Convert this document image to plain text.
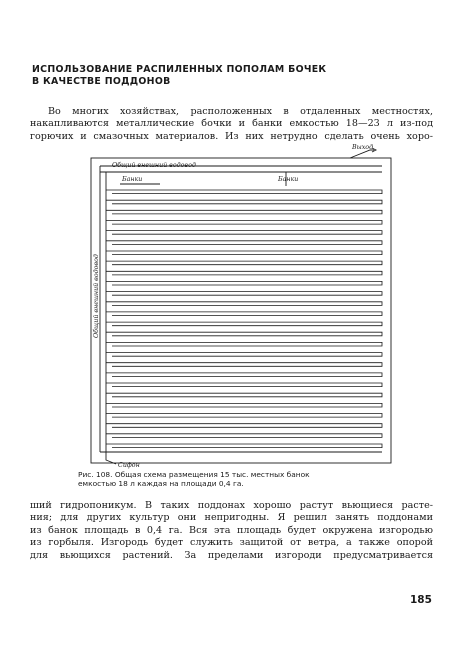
ИСПОЛЬЗОВАНИЕ РАСПИЛЕННЫХ ПОПОЛАМ БОЧЕК
В КАЧЕСТВЕ ПОДДОНОВ

Во многих хозяйствах, расположенных в отдаленных местностях,
накапливаются металлические бочки и банки емкостью 18—23 л из-под
горючих и смазочных материалов. Из них нетрудно сделать очень хоро-

Общий внешний водовод
Выход
Банки	Банки
Общий внешний водовод
Сифон

Рис. 108. Общая схема размещения 15 тыс. местных банок
емкостью 18 л каждая на площади 0,4 га.

ший гидропоникум. В таких поддонах хорошо растут вьющиеся расте-
ния; для других культур они непригодны. Я решил занять поддонами
из банок площадь в 0,4 га. Вся эта площадь будет окружена изгородью
из горбыля. Изгородь будет служить защитой от ветра, а также опорой
для вьющихся растений. За пределами изгороди предусматривается

185
